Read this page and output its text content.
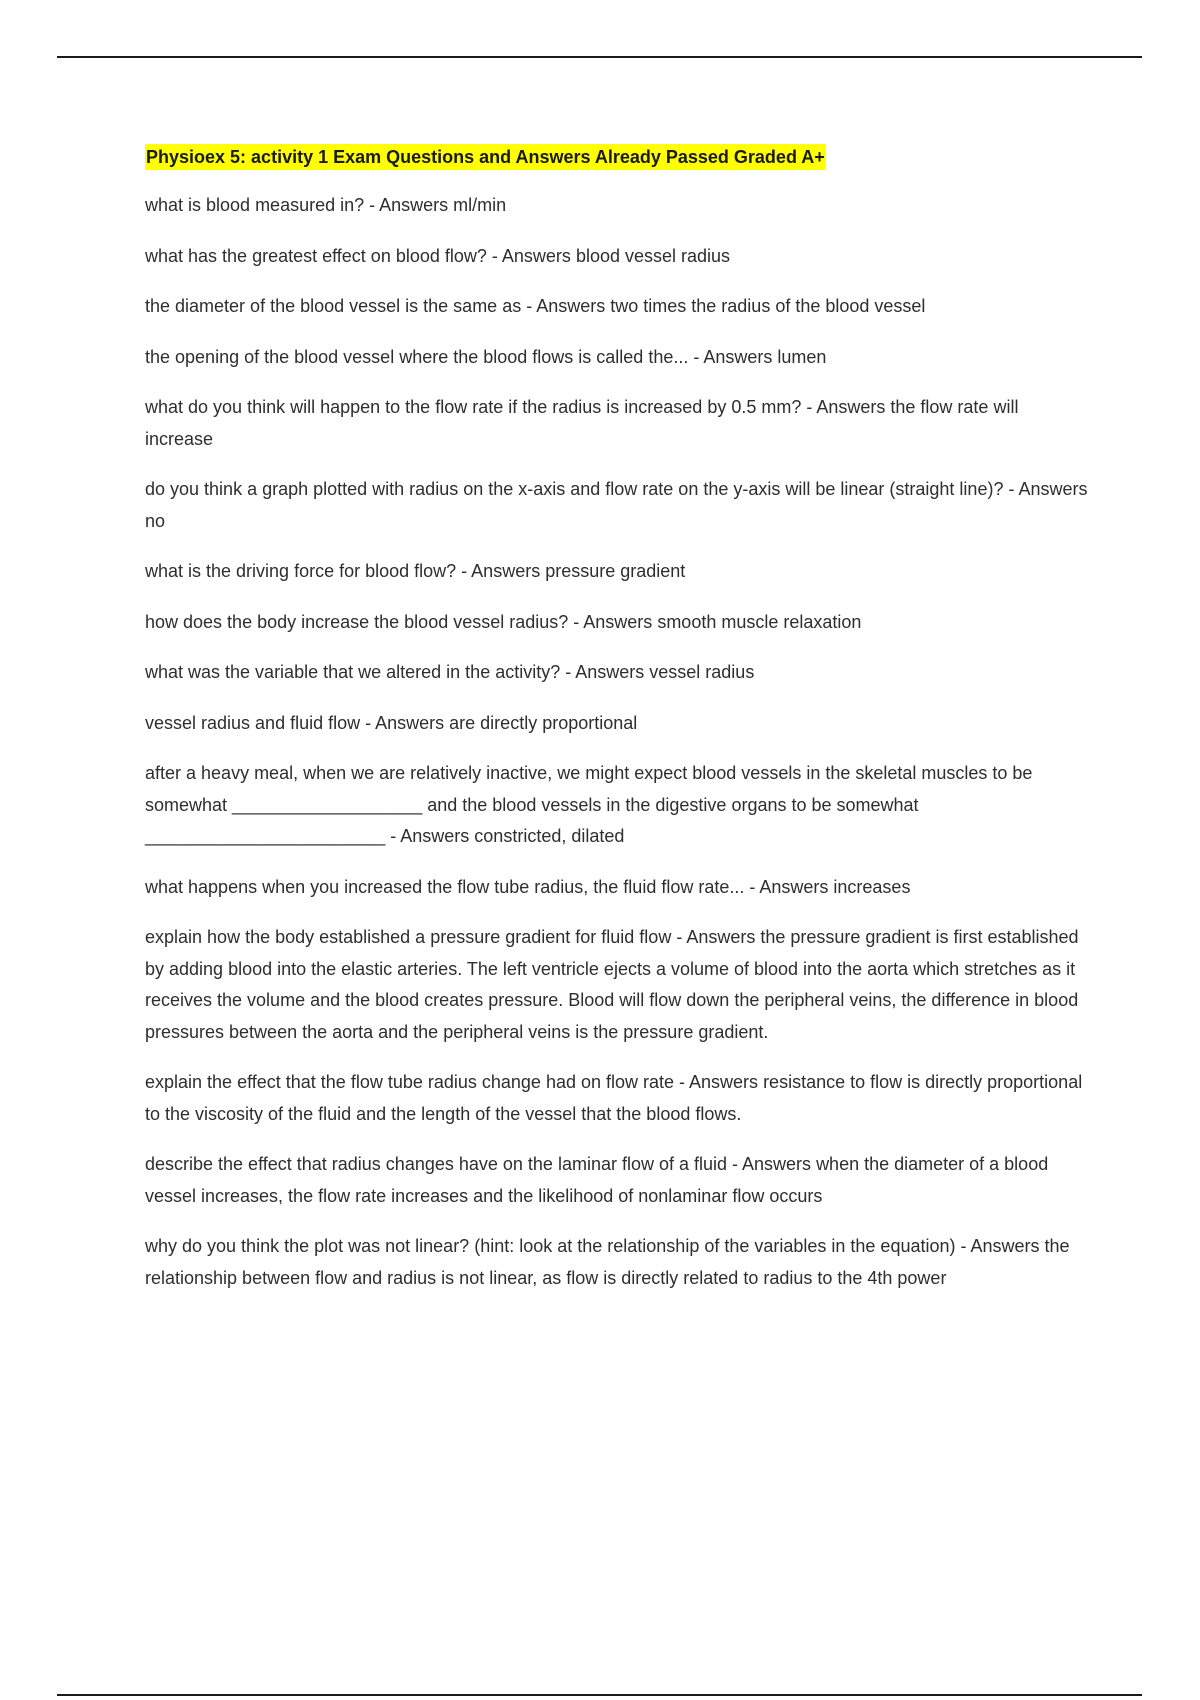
Physioex 5: activity 1 Exam Questions and Answers Already Passed Graded A+
what is blood measured in? - Answers ml/min
what has the greatest effect on blood flow? - Answers blood vessel radius
the diameter of the blood vessel is the same as - Answers two times the radius of the blood vessel
the opening of the blood vessel where the blood flows is called the... - Answers lumen
what do you think will happen to the flow rate if the radius is increased by 0.5 mm? - Answers the flow rate will increase
do you think a graph plotted with radius on the x-axis and flow rate on the y-axis will be linear (straight line)? - Answers no
what is the driving force for blood flow? - Answers pressure gradient
how does the body increase the blood vessel radius? - Answers smooth muscle relaxation
what was the variable that we altered in the activity? - Answers vessel radius
vessel radius and fluid flow - Answers are directly proportional
after a heavy meal, when we are relatively inactive, we might expect blood vessels in the skeletal muscles to be somewhat ___________________ and the blood vessels in the digestive organs to be somewhat ________________________ - Answers constricted, dilated
what happens when you increased the flow tube radius, the fluid flow rate... - Answers increases
explain how the body established a pressure gradient for fluid flow - Answers the pressure gradient is first established by adding blood into the elastic arteries. The left ventricle ejects a volume of blood into the aorta which stretches as it receives the volume and the blood creates pressure. Blood will flow down the peripheral veins, the difference in blood pressures between the aorta and the peripheral veins is the pressure gradient.
explain the effect that the flow tube radius change had on flow rate - Answers resistance to flow is directly proportional to the viscosity of the fluid and the length of the vessel that the blood flows.
describe the effect that radius changes have on the laminar flow of a fluid - Answers when the diameter of a blood vessel increases, the flow rate increases and the likelihood of nonlaminar flow occurs
why do you think the plot was not linear? (hint: look at the relationship of the variables in the equation) - Answers the relationship between flow and radius is not linear, as flow is directly related to radius to the 4th power
